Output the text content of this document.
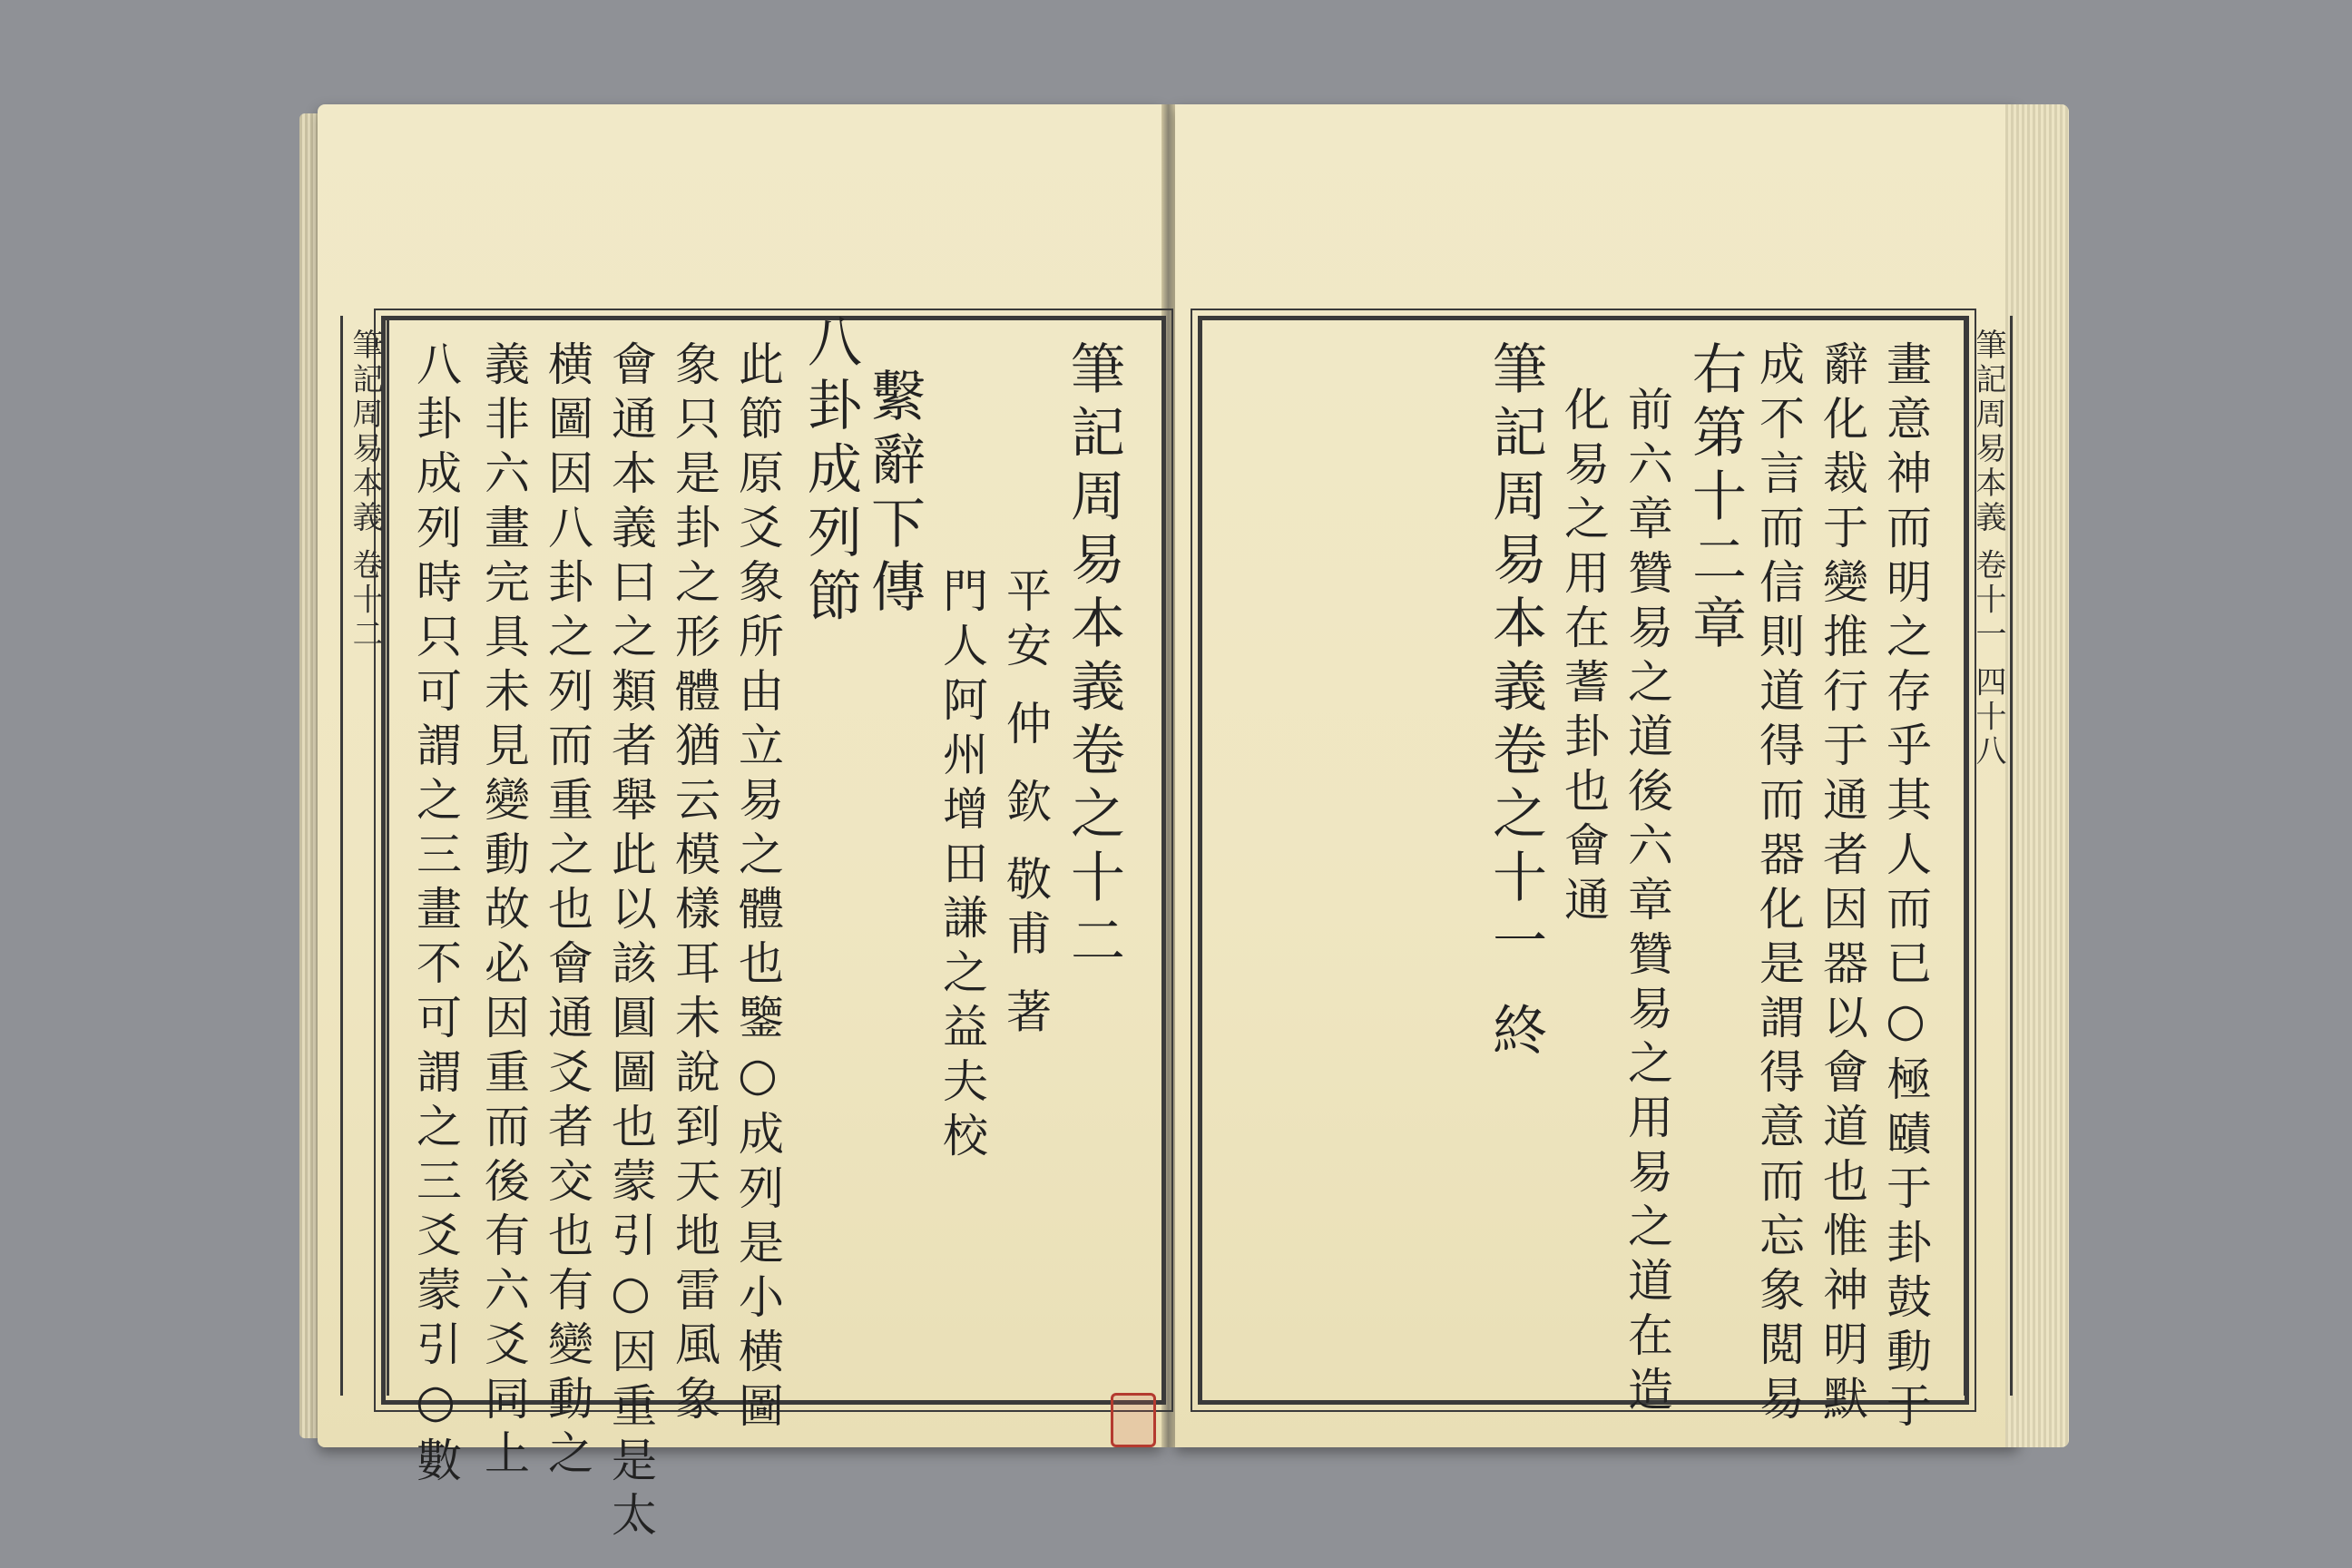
筆記周易本義 卷十二	筆記周易本義 卷十一 四十八
筆記周易本義卷之十二
平安 仲 欽 敬甫 著
門人阿州增田謙之益夫校
繫辭下傳
八卦成列節
此節原爻象所由立易之體也鑒○成列是小横圖
象只是卦之形體猶云模樣耳未說到天地雷風象
會通本義曰之類者舉此以該圓圖也蒙引○因重是太
横圖因八卦之列而重之也會通爻者交也有變動之
義非六畫完具未見變動故必因重而後有六爻同上
八卦成列時只可謂之三畫不可謂之三爻蒙引○數	畫意神而明之存乎其人而已○極賾于卦鼓動于
辭化裁于變推行于通者因器以會道也惟神明默
成不言而信則道得而器化是謂得意而忘象閲易
右第十二章
前六章贊易之道後六章贊易之用易之道在造
化易之用在蓍卦也會通
筆記周易本義卷之十一 終
